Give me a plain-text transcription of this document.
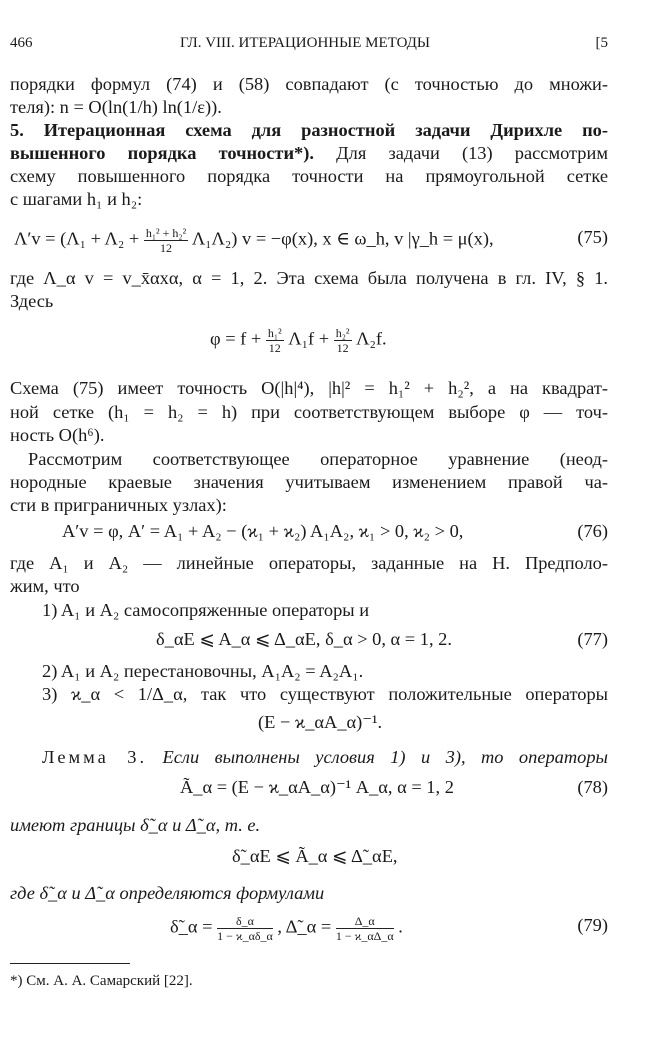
466	ГЛ. VIII. ИТЕРАЦИОННЫЕ МЕТОДЫ	[5
порядки формул (74) и (58) совпадают (с точностью до множи-
теля): n = O(ln(1/h) ln(1/ε)).
5. Итерационная схема для разностной задачи Дирихле по-
вышенного порядка точности*). Для задачи (13) рассмотрим
схему повышенного порядка точности на прямоугольной сетке
с шагами h₁ и h₂:
$\Lambda'v = (\Lambda_1 + \Lambda_2 + \frac{\text{h₁² + h₂²}}{12} \Lambda_1\Lambda_2)$ v = −φ(x), x ∈ ω_h, v |γ_h = μ(x),	(75)
где Λ_α v = v_x̄αxα, α = 1, 2. Эта схема была получена в гл. IV, § 1.
Здесь
$\varphi = f + \frac{\text{h₁²}}{12} \Lambda_1f + \frac{\text{h₂²}}{12} \Lambda_2f$.
Схема (75) имеет точность O(|h|⁴), |h|² = h₁² + h₂², а на квадрат-
ной сетке (h₁ = h₂ = h) при соответствующем выборе φ — точ-
ность O(h⁶).
Рассмотрим соответствующее операторное уравнение (неод-
нородные краевые значения учитываем изменением правой ча-
сти в приграничных узлах):
A′v = φ, A′ = A₁ + A₂ − (ϰ₁ + ϰ₂) A₁A₂, ϰ₁ > 0, ϰ₂ > 0,	(76)
где A₁ и A₂ — линейные операторы, заданные на H. Предполо-
жим, что
1) A₁ и A₂ самосопряженные операторы и
δ_αE ⩽ A_α ⩽ Δ_αE, δ_α > 0, α = 1, 2.	(77)
2) A₁ и A₂ перестановочны, A₁A₂ = A₂A₁.
3) ϰ_α < 1/Δ_α, так что существуют положительные операторы
(E − ϰ_αA_α)⁻¹.
Лемма 3. Если выполнены условия 1) и 3), то операторы
Ã_α = (E − ϰ_αA_α)⁻¹ A_α, α = 1, 2	(78)
имеют границы δ̃_α и Δ̃_α, т. е.
δ̃_αE ⩽ Ã_α ⩽ Δ̃_αE,
где δ̃_α и Δ̃_α определяются формулами
δ̃_α = $\frac{\delta\_\alpha}{1 - ϰ\_\alpha\delta\_\alpha}$ , Δ̃_α = $\frac{\Delta\_\alpha}{1 - ϰ\_\alpha\Delta\_\alpha}$ .	(79)
*) См. А. А. Самарский [22].
